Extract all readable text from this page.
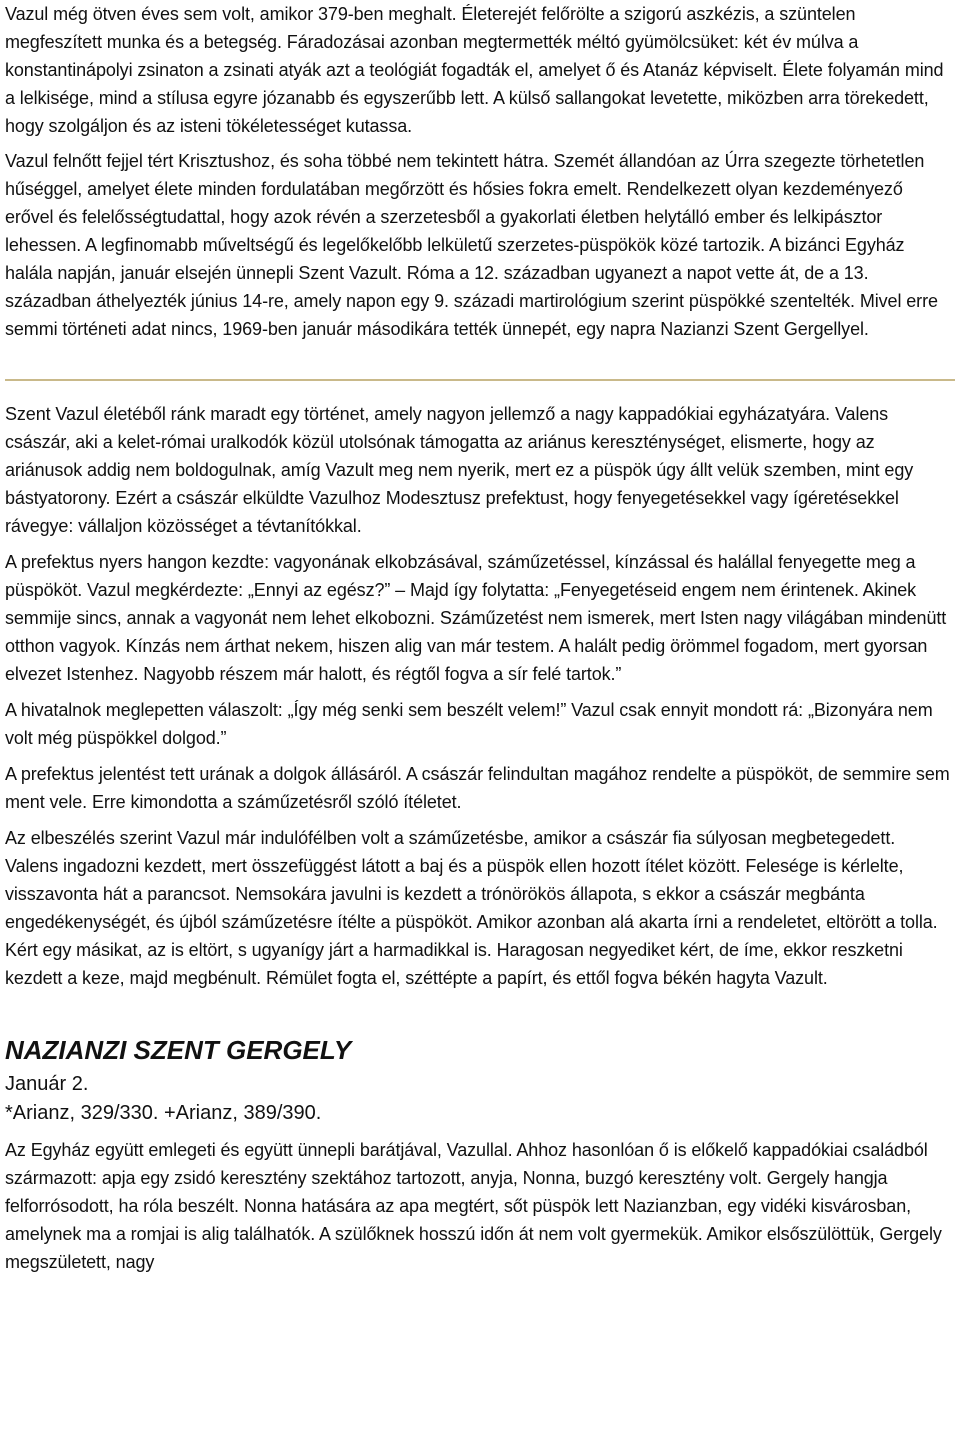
Vazul még ötven éves sem volt, amikor 379-ben meghalt. Életerejét felőrölte a szigorú aszkézis, a szüntelen megfeszített munka és a betegség. Fáradozásai azonban megtermették méltó gyümölcsüket: két év múlva a konstantinápolyi zsinaton a zsinati atyák azt a teológiát fogadták el, amelyet ő és Atanáz képviselt. Élete folyamán mind a lelkisége, mind a stílusa egyre józanabb és egyszerűbb lett. A külső sallangokat levetette, miközben arra törekedett, hogy szolgáljon és az isteni tökéletességet kutassa.

Vazul felnőtt fejjel tért Krisztushoz, és soha többé nem tekintett hátra. Szemét állandóan az Úrra szegezte törhetetlen hűséggel, amelyet élete minden fordulatában megőrzött és hősies fokra emelt. Rendelkezett olyan kezdeményező erővel és felelősségtudattal, hogy azok révén a szerzetesből a gyakorlati életben helytálló ember és lelkipásztor lehessen. A legfinomabb műveltségű és legelőkelőbb lelkületű szerzetes-püspökök közé tartozik. A bizánci Egyház halála napján, január elsején ünnepli Szent Vazult. Róma a 12. században ugyanezt a napot vette át, de a 13. században áthelyezték június 14-re, amely napon egy 9. századi martirológium szerint püspökké szentelték. Mivel erre semmi történeti adat nincs, 1969-ben január másodikára tették ünnepét, egy napra Nazianzi Szent Gergellyel.

Szent Vazul életéből ránk maradt egy történet, amely nagyon jellemző a nagy kappadókiai egyházatyára. Valens császár, aki a kelet-római uralkodók közül utolsónak támogatta az ariánus kereszténységet, elismerte, hogy az ariánusok addig nem boldogulnak, amíg Vazult meg nem nyerik, mert ez a püspök úgy állt velük szemben, mint egy bástyatorony. Ezért a császár elküldte Vazulhoz Modesztusz prefektust, hogy fenyegetésekkel vagy ígéretésekkel rávegye: vállaljon közösséget a tévtanítókkal.

A prefektus nyers hangon kezdte: vagyonának elkobzásával, száműzetéssel, kínzással és halállal fenyegette meg a püspököt. Vazul megkérdezte: „Ennyi az egész?” – Majd így folytatta: „Fenyegetéseid engem nem érintenek. Akinek semmije sincs, annak a vagyonát nem lehet elkobozni. Száműzetést nem ismerek, mert Isten nagy világában mindenütt otthon vagyok. Kínzás nem árthat nekem, hiszen alig van már testem. A halált pedig örömmel fogadom, mert gyorsan elvezet Istenhez. Nagyobb részem már halott, és régtől fogva a sír felé tartok.”

A hivatalnok meglepetten válaszolt: „Így még senki sem beszélt velem!” Vazul csak ennyit mondott rá: „Bizonyára nem volt még püspökkel dolgod.”

A prefektus jelentést tett urának a dolgok állásáról. A császár felindultan magához rendelte a püspököt, de semmire sem ment vele. Erre kimondotta a száműzetésről szóló ítéletet.

Az elbeszélés szerint Vazul már indulófélben volt a száműzetésbe, amikor a császár fia súlyosan megbetegedett. Valens ingadozni kezdett, mert összefüggést látott a baj és a püspök ellen hozott ítélet között. Felesége is kérlelte, visszavonta hát a parancsot. Nemsokára javulni is kezdett a trónörökös állapota, s ekkor a császár megbánta engedékenységét, és újból száműzetésre ítélte a püspököt. Amikor azonban alá akarta írni a rendeletet, eltörött a tolla. Kért egy másikat, az is eltört, s ugyanígy járt a harmadikkal is. Haragosan negyediket kért, de íme, ekkor reszketni kezdett a keze, majd megbénult. Rémület fogta el, széttépte a papírt, és ettől fogva békén hagyta Vazult.

NAZIANZI SZENT GERGELY

Január 2.

*Arianz, 329/330. +Arianz, 389/390.

Az Egyház együtt emlegeti és együtt ünnepli barátjával, Vazullal. Ahhoz hasonlóan ő is előkelő kappadókiai családból származott: apja egy zsidó keresztény szektához tartozott, anyja, Nonna, buzgó keresztény volt. Gergely hangja felforrósodott, ha róla beszélt. Nonna hatására az apa megtért, sőt püspök lett Nazianzban, egy vidéki kisvárosban, amelynek ma a romjai is alig találhatók. A szülőknek hosszú időn át nem volt gyermekük. Amikor elsőszülöttük, Gergely megszületett, nagy
